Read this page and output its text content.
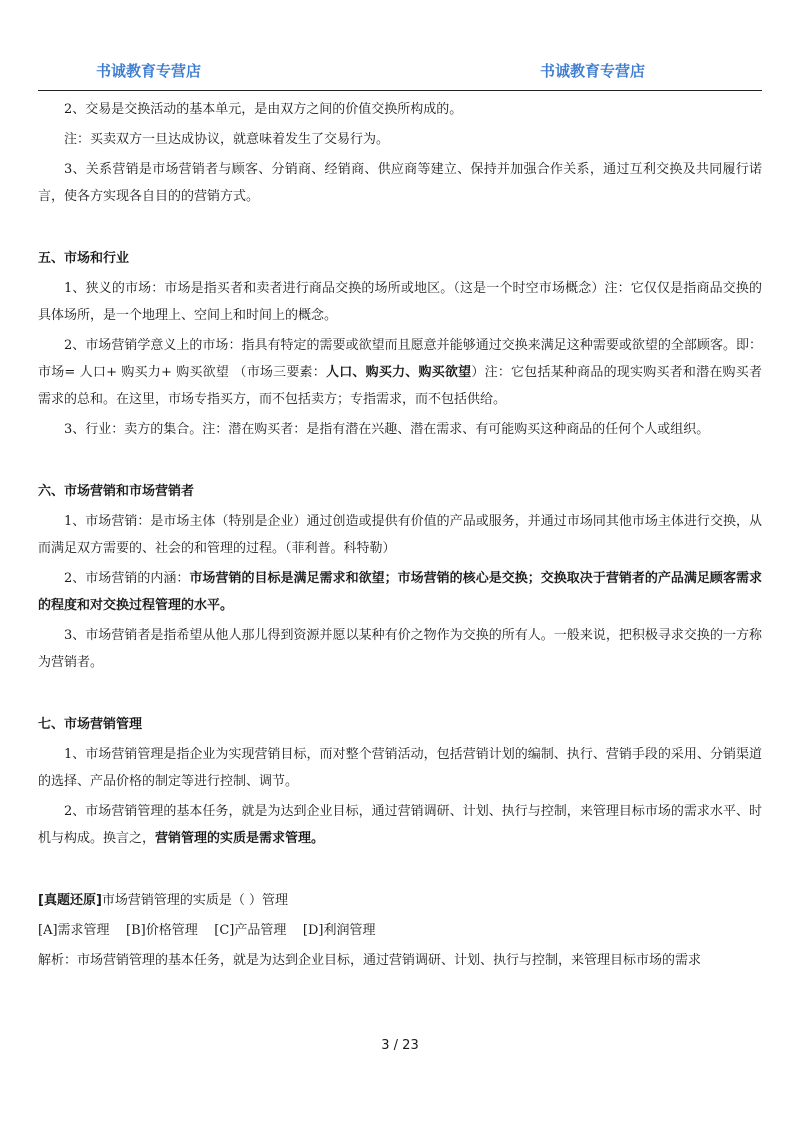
书诚教育专营店	书诚教育专营店

2、交易是交换活动的基本单元，是由双方之间的价值交换所构成的。

注：买卖双方一旦达成协议，就意味着发生了交易行为。

3、关系营销是市场营销者与顾客、分销商、经销商、供应商等建立、保持并加强合作关系，通过互利交换及共同履行诺言，使各方实现各自目的的营销方式。

五、市场和行业

1、狭义的市场：市场是指买者和卖者进行商品交换的场所或地区。（这是一个时空市场概念）注：它仅仅是指商品交换的具体场所，是一个地理上、空间上和时间上的概念。

2、市场营销学意义上的市场：指具有特定的需要或欲望而且愿意并能够通过交换来满足这种需要或欲望的全部顾客。即：市场= 人口+ 购买力+ 购买欲望 （市场三要素：人口、购买力、购买欲望）注：它包括某种商品的现实购买者和潜在购买者需求的总和。在这里，市场专指买方，而不包括卖方；专指需求，而不包括供给。

3、行业：卖方的集合。注：潜在购买者：是指有潜在兴趣、潜在需求、有可能购买这种商品的任何个人或组织。

六、市场营销和市场营销者

1、市场营销：是市场主体（特别是企业）通过创造或提供有价值的产品或服务，并通过市场同其他市场主体进行交换，从而满足双方需要的、社会的和管理的过程。（菲利普。科特勒）

2、市场营销的内涵：市场营销的目标是满足需求和欲望；市场营销的核心是交换；交换取决于营销者的产品满足顾客需求的程度和对交换过程管理的水平。

3、市场营销者是指希望从他人那儿得到资源并愿以某种有价之物作为交换的所有人。一般来说，把积极寻求交换的一方称为营销者。

七、市场营销管理

1、市场营销管理是指企业为实现营销目标，而对整个营销活动，包括营销计划的编制、执行、营销手段的采用、分销渠道的选择、产品价格的制定等进行控制、调节。

2、市场营销管理的基本任务，就是为达到企业目标，通过营销调研、计划、执行与控制，来管理目标市场的需求水平、时机与构成。换言之，营销管理的实质是需求管理。

[真题还原]市场营销管理的实质是（ ）管理

[A]需求管理    [B]价格管理    [C]产品管理    [D]利润管理

解析：市场营销管理的基本任务，就是为达到企业目标，通过营销调研、计划、执行与控制，来管理目标市场的需求

3 / 23
